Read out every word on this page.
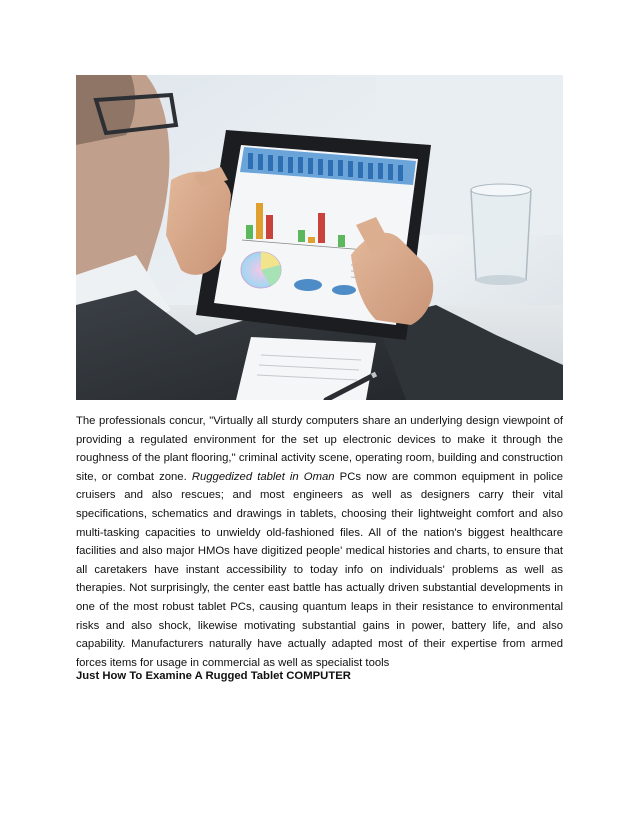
The professionals concur, "Virtually all sturdy computers share an underlying design viewpoint of providing a regulated environment for the set up electronic devices to make it through the roughness of the plant flooring," criminal activity scene, operating room, building and construction site, or combat zone. Ruggedized tablet in Oman PCs now are common equipment in police cruisers and also rescues; and most engineers as well as designers carry their vital specifications, schematics and drawings in tablets, choosing their lightweight comfort and also multi-tasking capacities to unwieldy old-fashioned files. All of the nation's biggest healthcare facilities and also major HMOs have digitized people' medical histories and charts, to ensure that all caretakers have instant accessibility to today info on individuals' problems as well as therapies. Not surprisingly, the center east battle has actually driven substantial developments in one of the most robust tablet PCs, causing quantum leaps in their resistance to environmental risks and also shock, likewise motivating substantial gains in power, battery life, and also capability. Manufacturers naturally have actually adapted most of their expertise from armed forces items for usage in commercial as well as specialist tools

Just How To Examine A Rugged Tablet COMPUTER
